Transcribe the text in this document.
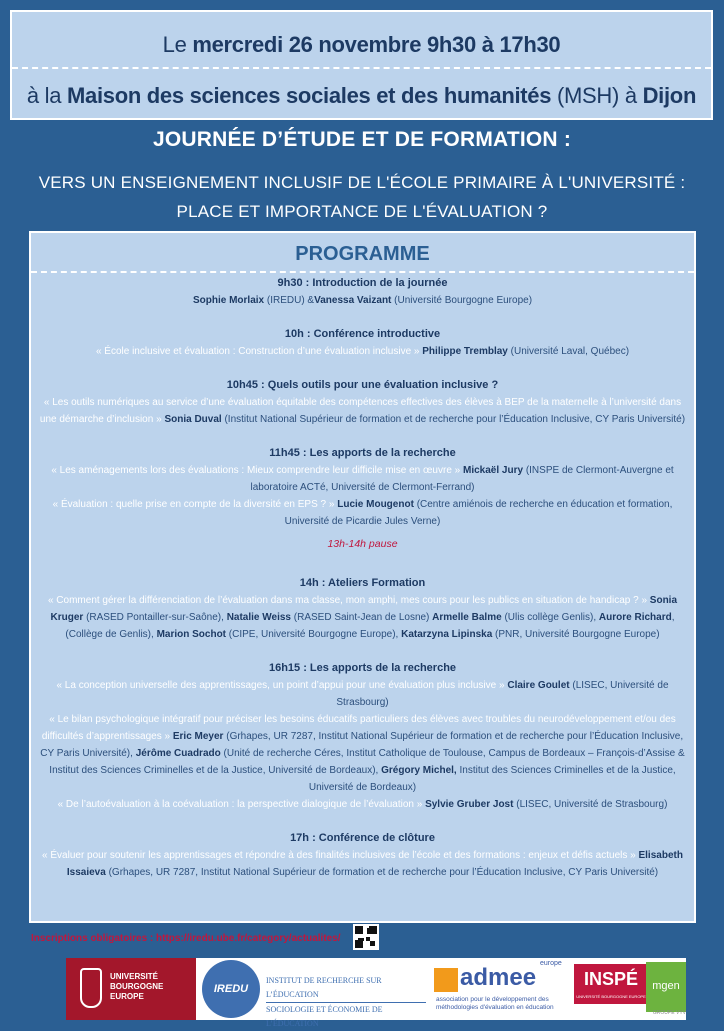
Le mercredi 26 novembre 9h30 à 17h30
à la Maison des sciences sociales et des humanités (MSH) à Dijon
JOURNÉE D’ÉTUDE ET DE FORMATION :
VERS UN ENSEIGNEMENT INCLUSIF DE L'ÉCOLE PRIMAIRE À L'UNIVERSITÉ : PLACE ET IMPORTANCE DE L'ÉVALUATION ?
PROGRAMME
9h30 : Introduction de la journée
Sophie Morlaix (IREDU) &Vanessa Vaizant (Université Bourgogne Europe)
10h : Conférence introductive
« École inclusive et évaluation : Construction d’une évaluation inclusive » Philippe Tremblay (Université Laval, Québec)
10h45 : Quels outils pour une évaluation inclusive ?
« Les outils numériques au service d’une évaluation équitable des compétences effectives des élèves à BEP de la maternelle à l’université dans une démarche d’inclusion » Sonia Duval (Institut National Supérieur de formation et de recherche pour l’Éducation Inclusive, CY Paris Université)
11h45 : Les apports de la recherche
« Les aménagements lors des évaluations : Mieux comprendre leur difficile mise en œuvre » Mickaël Jury (INSPE de Clermont-Auvergne et laboratoire ACTé, Université de Clermont-Ferrand)
« Évaluation : quelle prise en compte de la diversité en EPS ? » Lucie Mougenot (Centre amiénois de recherche en éducation et formation, Université de Picardie Jules Verne)
13h-14h pause
14h : Ateliers Formation
« Comment gérer la différenciation de l’évaluation dans ma classe, mon amphi, mes cours pour les publics en situation de handicap ? » Sonia Kruger (RASED Pontailler-sur-Saône), Natalie Weiss (RASED Saint-Jean de Losne) Armelle Balme (Ulis collège Genlis), Aurore Richard, (Collège de Genlis), Marion Sochot (CIPE, Université Bourgogne Europe), Katarzyna Lipinska (PNR, Université Bourgogne Europe)
16h15 : Les apports de la recherche
« La conception universelle des apprentissages, un point d’appui pour une évaluation plus inclusive » Claire Goulet (LISEC, Université de Strasbourg)
« Le bilan psychologique intégratif pour préciser les besoins éducatifs particuliers des élèves avec troubles du neurodéveloppement et/ou des difficultés d’apprentissages » Eric Meyer (Grhapes, UR 7287, Institut National Supérieur de formation et de recherche pour l’Éducation Inclusive, CY Paris Université), Jérôme Cuadrado (Unité de recherche Céres, Institut Catholique de Toulouse, Campus de Bordeaux – François-d’Assise & Institut des Sciences Criminelles et de la Justice, Université de Bordeaux), Grégory Michel, Institut des Sciences Criminelles et de la Justice, Université de Bordeaux)
« De l’autoévaluation à la coévaluation : la perspective dialogique de l’évaluation » Sylvie Gruber Jost (LISEC, Université de Strasbourg)
17h : Conférence de clôture
« Évaluer pour soutenir les apprentissages et répondre à des finalités inclusives de l’école et des formations : enjeux et défis actuels » Elisabeth Issaieva (Grhapes, UR 7287, Institut National Supérieur de formation et de recherche pour l’Éducation Inclusive, CY Paris Université)
Inscriptions obligatoires : https://iredu.ube.fr/category/actualites/
UNIVERSITÉ BOURGOGNE EUROPE
IREDU
INSTITUT DE RECHERCHE SUR L’ÉDUCATION
SOCIOLOGIE ET ÉCONOMIE DE L’ÉDUCATION
admee
europe
association pour le développement des méthodologies d'évaluation en éducation
INSPÉ
UNIVERSITÉ BOURGOGNE EUROPE
mgen
GROUPE VYV
